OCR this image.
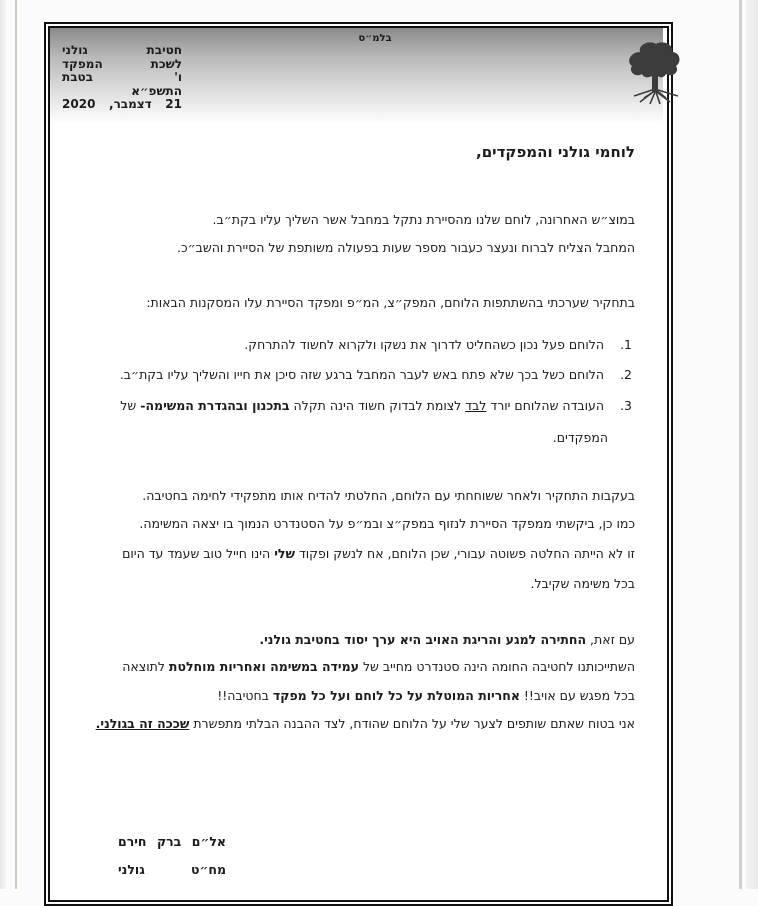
בלמ״ס
חטיבת
גולני
לשכת
המפקד
ו'
בטבת
התשפ״א
21
דצמבר,
2020
לוחמי גולני והמפקדים,
במוצ״ש האחרונה, לוחם שלנו מהסיירת נתקל במחבל אשר השליך עליו בקת״ב.
המחבל הצליח לברוח ונעצר כעבור מספר שעות בפעולה משותפת של הסיירת והשב״כ.
בתחקיר שערכתי בהשתתפות הלוחם, המפק״צ, המ״פ ומפקד הסיירת עלו המסקנות הבאות:
1. הלוחם פעל נכון כשהחליט לדרוך את נשקו ולקרוא לחשוד להתרחק.
2. הלוחם כשל בכך שלא פתח באש לעבר המחבל ברגע שזה סיכן את חייו והשליך עליו בקת״ב.
3. העובדה שהלוחם יורד לבד לצומת לבדוק חשוד הינה תקלה בתכנון ובהגדרת המשימה- של
המפקדים.
בעקבות התחקיר ולאחר ששוחחתי עם הלוחם, החלטתי להדיח אותו מתפקידי לחימה בחטיבה.
כמו כן, ביקשתי ממפקד הסיירת לנזוף במפק״צ ובמ״פ על הסטנדרט הנמוך בו יצאה המשימה.
זו לא הייתה החלטה פשוטה עבורי, שכן הלוחם, אח לנשק ופקוד שלי הינו חייל טוב שעמד עד היום
בכל משימה שקיבל.
עם זאת, החתירה למגע והריגת האויב היא ערך יסוד בחטיבת גולני.
השתייכותנו לחטיבה החומה הינה סטנדרט מחייב של עמידה במשימה ואחריות מוחלטת לתוצאה
בכל מפגש עם אויב!! אחריות המוטלת על כל לוחם ועל כל מפקד בחטיבה!!
אני בטוח שאתם שותפים לצער שלי על הלוחם שהודח, לצד ההבנה הבלתי מתפשרת שככה זה בגולני.
אל״ם
ברק
חירם
מח״ט
גולני
